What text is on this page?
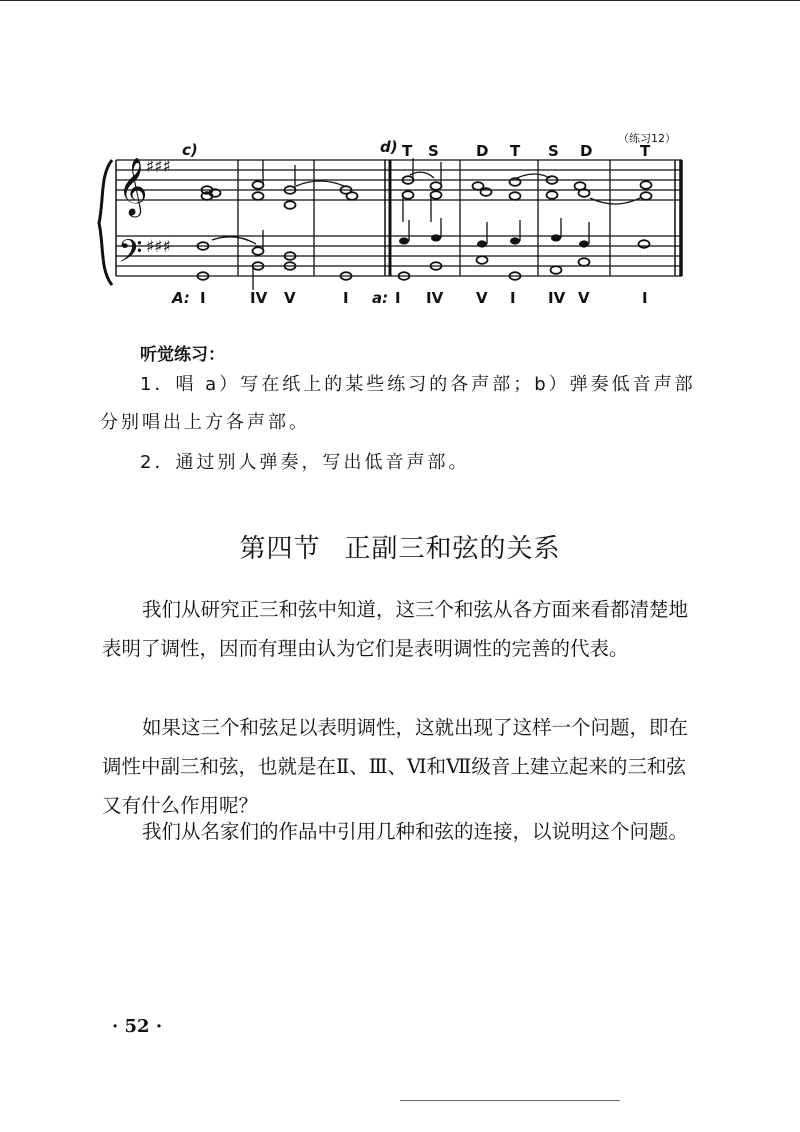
𝄞
𝄢
♯♯♯
♯♯♯
c)	d)	（练习12）
T S D T S D	T
A: I	IV V	I a: I IV V I IV V	I
听觉练习：
1．唱 a）写在纸上的某些练习的各声部；b）弹奏低音声部分别唱出上方各声部。
2．通过别人弹奏，写出低音声部。
第四节 正副三和弦的关系
我们从研究正三和弦中知道，这三个和弦从各方面来看都清楚地表明了调性，因而有理由认为它们是表明调性的完善的代表。
如果这三个和弦足以表明调性，这就出现了这样一个问题，即在调性中副三和弦，也就是在Ⅱ、Ⅲ、Ⅵ和Ⅶ级音上建立起来的三和弦又有什么作用呢？
我们从名家们的作品中引用几种和弦的连接，以说明这个问题。
· 52 ·
